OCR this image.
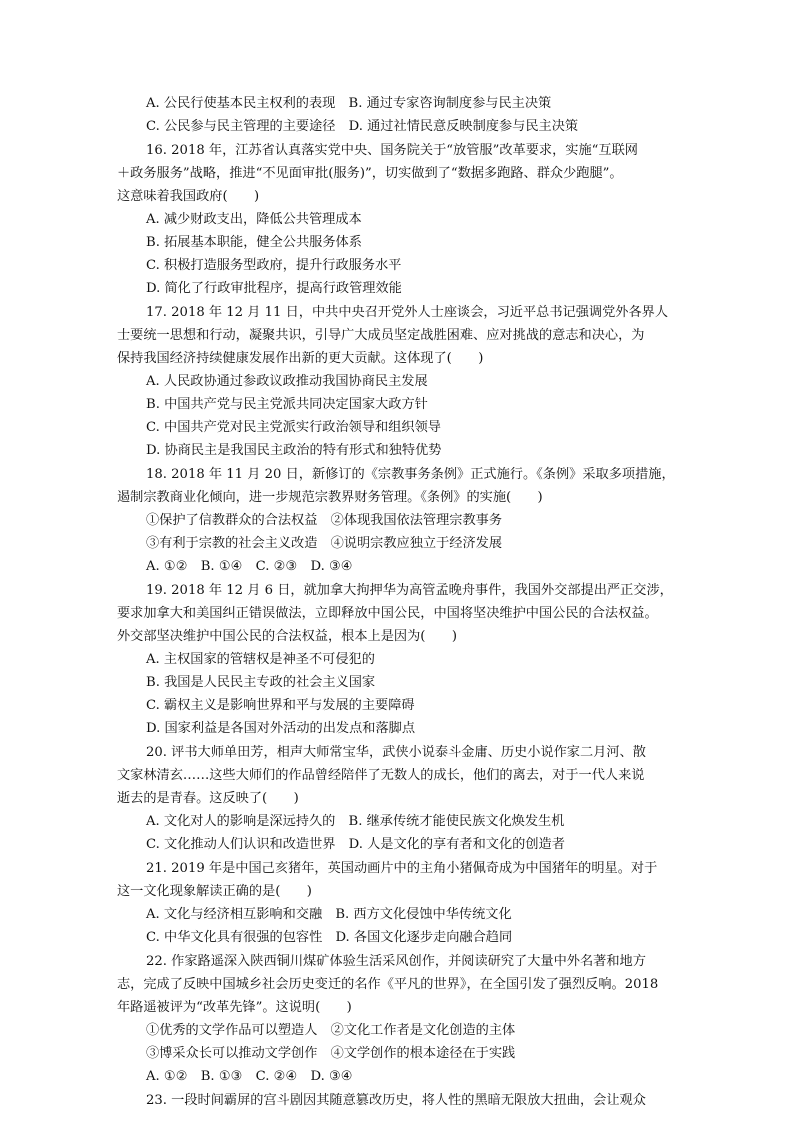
A. 公民行使基本民主权利的表现　B. 通过专家咨询制度参与民主决策
C. 公民参与民主管理的主要途径　D. 通过社情民意反映制度参与民主决策
16. 2018 年，江苏省认真落实党中央、国务院关于“放管服”改革要求，实施“互联网
＋政务服务”战略，推进“不见面审批(服务)”，切实做到了“数据多跑路、群众少跑腿”。
这意味着我国政府(　　)
A. 减少财政支出，降低公共管理成本
B. 拓展基本职能，健全公共服务体系
C. 积极打造服务型政府，提升行政服务水平
D. 简化了行政审批程序，提高行政管理效能
17. 2018 年 12 月 11 日，中共中央召开党外人士座谈会，习近平总书记强调党外各界人
士要统一思想和行动，凝聚共识，引导广大成员坚定战胜困难、应对挑战的意志和决心，为
保持我国经济持续健康发展作出新的更大贡献。这体现了(　　)
A. 人民政协通过参政议政推动我国协商民主发展
B. 中国共产党与民主党派共同决定国家大政方针
C. 中国共产党对民主党派实行政治领导和组织领导
D. 协商民主是我国民主政治的特有形式和独特优势
18. 2018 年 11 月 20 日，新修订的《宗教事务条例》正式施行。《条例》采取多项措施，
遏制宗教商业化倾向，进一步规范宗教界财务管理。《条例》的实施(　　)
①保护了信教群众的合法权益　②体现我国依法管理宗教事务
③有利于宗教的社会主义改造　④说明宗教应独立于经济发展
A. ①②　B. ①④　C. ②③　D. ③④
19. 2018 年 12 月 6 日，就加拿大拘押华为高管孟晚舟事件，我国外交部提出严正交涉，
要求加拿大和美国纠正错误做法，立即释放中国公民，中国将坚决维护中国公民的合法权益。
外交部坚决维护中国公民的合法权益，根本上是因为(　　)
A. 主权国家的管辖权是神圣不可侵犯的
B. 我国是人民民主专政的社会主义国家
C. 霸权主义是影响世界和平与发展的主要障碍
D. 国家利益是各国对外活动的出发点和落脚点
20. 评书大师单田芳，相声大师常宝华，武侠小说泰斗金庸、历史小说作家二月河、散
文家林清玄……这些大师们的作品曾经陪伴了无数人的成长，他们的离去，对于一代人来说
逝去的是青春。这反映了(　　)
A. 文化对人的影响是深远持久的　B. 继承传统才能使民族文化焕发生机
C. 文化推动人们认识和改造世界　D. 人是文化的享有者和文化的创造者
21. 2019 年是中国己亥猪年，英国动画片中的主角小猪佩奇成为中国猪年的明星。对于
这一文化现象解读正确的是(　　)
A. 文化与经济相互影响和交融　B. 西方文化侵蚀中华传统文化
C. 中华文化具有很强的包容性　D. 各国文化逐步走向融合趋同
22. 作家路遥深入陕西铜川煤矿体验生活采风创作，并阅读研究了大量中外名著和地方
志，完成了反映中国城乡社会历史变迁的名作《平凡的世界》，在全国引发了强烈反响。2018
年路遥被评为“改革先锋”。这说明(　　)
①优秀的文学作品可以塑造人　②文化工作者是文化创造的主体
③博采众长可以推动文学创作　④文学创作的根本途径在于实践
A. ①②　B. ①③　C. ②④　D. ③④
23. 一段时间霸屏的宫斗剧因其随意篡改历史，将人性的黑暗无限放大扭曲，会让观众
